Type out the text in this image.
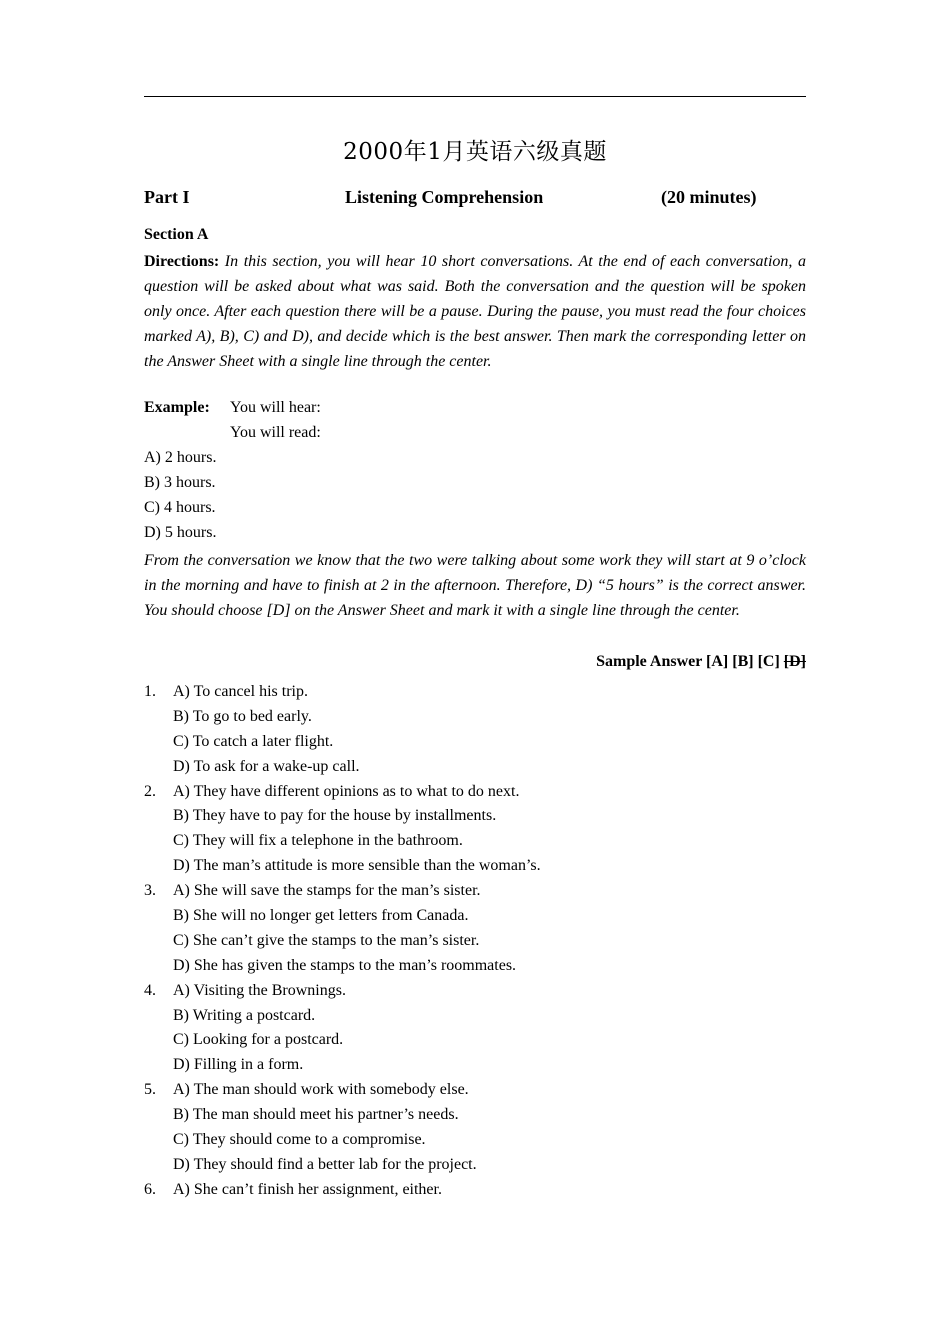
2000年1月英语六级真题
Part I	Listening Comprehension	(20 minutes)
Section A
Directions: In this section, you will hear 10 short conversations. At the end of each conversation, a question will be asked about what was said. Both the conversation and the question will be spoken only once. After each question there will be a pause. During the pause, you must read the four choices marked A), B), C) and D), and decide which is the best answer. Then mark the corresponding letter on the Answer Sheet with a single line through the center.
Example: You will hear:
You will read:
A) 2 hours.
B) 3 hours.
C) 4 hours.
D) 5 hours.
From the conversation we know that the two were talking about some work they will start at 9 o’clock in the morning and have to finish at 2 in the afternoon. Therefore, D) “5 hours” is the correct answer. You should choose [D] on the Answer Sheet and mark it with a single line through the center.
Sample Answer [A] [B] [C] [D]
1. A) To cancel his trip.
B) To go to bed early.
C) To catch a later flight.
D) To ask for a wake-up call.
2. A) They have different opinions as to what to do next.
B) They have to pay for the house by installments.
C) They will fix a telephone in the bathroom.
D) The man’s attitude is more sensible than the woman’s.
3. A) She will save the stamps for the man’s sister.
B) She will no longer get letters from Canada.
C) She can’t give the stamps to the man’s sister.
D) She has given the stamps to the man’s roommates.
4. A) Visiting the Brownings.
B) Writing a postcard.
C) Looking for a postcard.
D) Filling in a form.
5. A) The man should work with somebody else.
B) The man should meet his partner’s needs.
C) They should come to a compromise.
D) They should find a better lab for the project.
6. A) She can’t finish her assignment, either.
